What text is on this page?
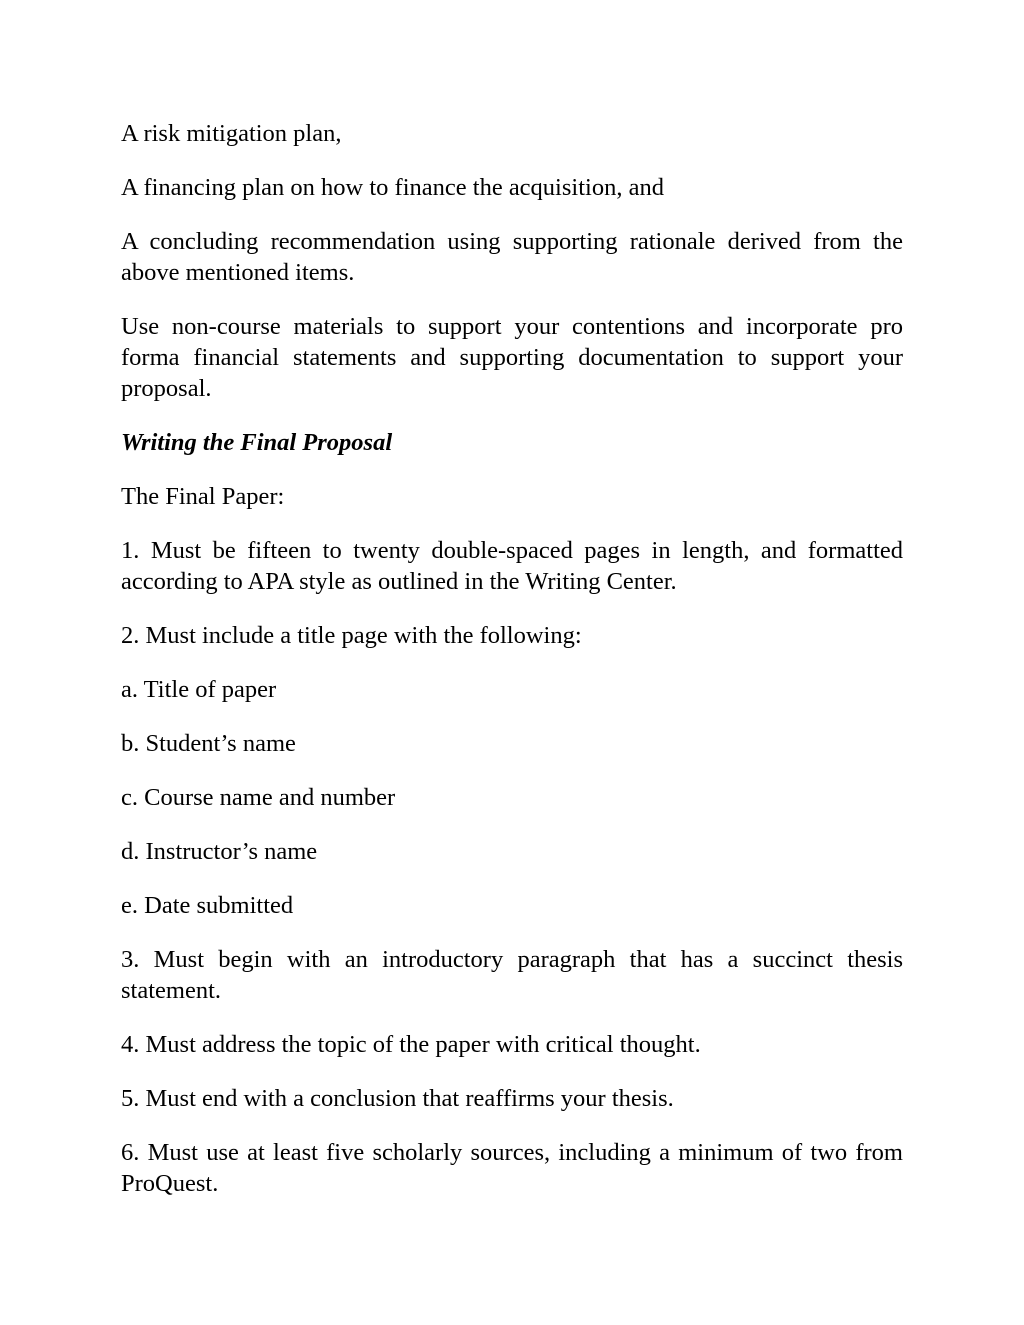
A risk mitigation plan,

A financing plan on how to finance the acquisition, and

A concluding recommendation using supporting rationale derived from the above mentioned items.

Use non-course materials to support your contentions and incorporate pro forma financial statements and supporting documentation to support your proposal.

Writing the Final Proposal

The Final Paper:

1. Must be fifteen to twenty double-spaced pages in length, and formatted according to APA style as outlined in the Writing Center.

2. Must include a title page with the following:

a. Title of paper

b. Student’s name

c. Course name and number

d. Instructor’s name

e. Date submitted

3. Must begin with an introductory paragraph that has a succinct thesis statement.

4. Must address the topic of the paper with critical thought.

5. Must end with a conclusion that reaffirms your thesis.

6. Must use at least five scholarly sources, including a minimum of two from ProQuest.
